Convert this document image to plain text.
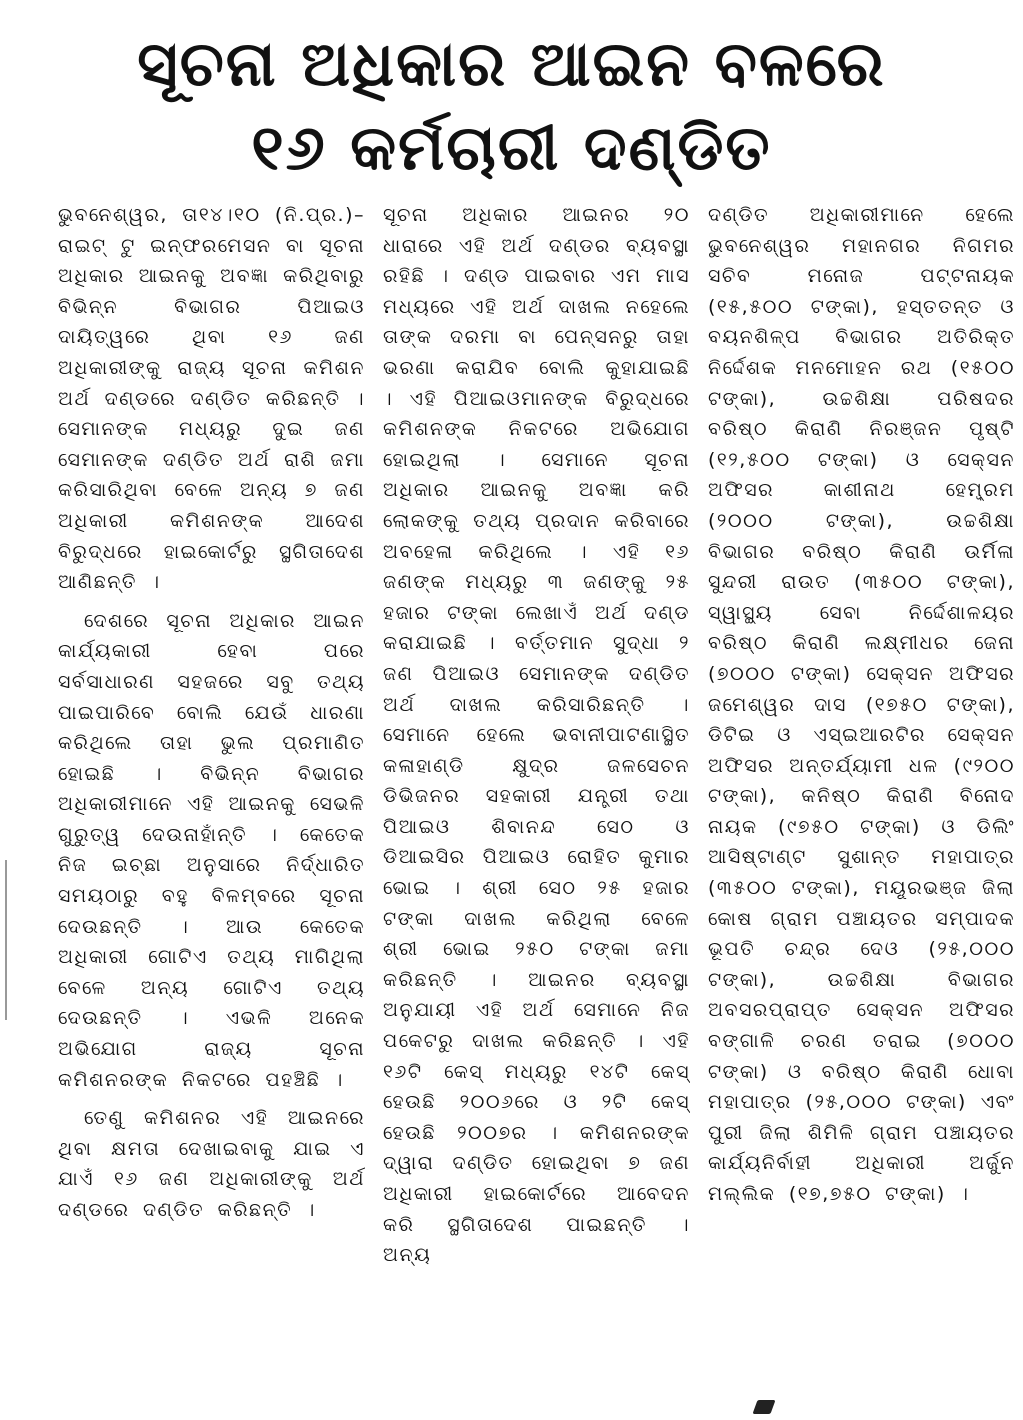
ସୂଚନା ଅଧିକାର ଆଇନ ବଳରେ
୧୬ କର୍ମଚାରୀ ଦଣ୍ଡିତ

ଭୁବନେଶ୍ୱର, ତା୧୪।୧୦ (ନି.ପ୍ର.)– ରାଇଟ୍ ଟୁ ଇନ୍‌ଫରମେସନ ବା ସୂଚନା ଅଧିକାର ଆଇନକୁ ଅବଜ୍ଞା କରିଥିବାରୁ ବିଭିନ୍ନ ବିଭାଗର ପିଆଇଓ ଦାୟିତ୍ୱରେ ଥିବା ୧୬ ଜଣ ଅଧିକାରୀଙ୍କୁ ରାଜ୍ୟ ସୂଚନା କମିଶନ ଅର୍ଥ ଦଣ୍ଡରେ ଦଣ୍ଡିତ କରିଛନ୍ତି । ସେମାନଙ୍କ ମଧ୍ୟରୁ ଦୁଇ ଜଣ ସେମାନଙ୍କ ଦଣ୍ଡିତ ଅର୍ଥ ରାଶି ଜମା କରିସାରିଥିବା ବେଳେ ଅନ୍ୟ ୭ ଜଣ ଅଧିକାରୀ କମିଶନଙ୍କ ଆଦେଶ ବିରୁଦ୍ଧରେ ହାଇକୋର୍ଟରୁ ସ୍ଥଗିତାଦେଶ ଆଣିଛନ୍ତି ।

ଦେଶରେ ସୂଚନା ଅଧିକାର ଆଇନ କାର୍ଯ୍ୟକାରୀ ହେବା ପରେ ସର୍ବସାଧାରଣ ସହଜରେ ସବୁ ତଥ୍ୟ ପାଇପାରିବେ ବୋଲି ଯେଉଁ ଧାରଣା କରିଥିଲେ ତାହା ଭୁଲ ପ୍ରମାଣିତ ହୋଇଛି । ବିଭିନ୍ନ ବିଭାଗର ଅଧିକାରୀମାନେ ଏହି ଆଇନକୁ ସେଭଳି ଗୁରୁତ୍ୱ ଦେଉନାହାଁନ୍ତି । କେତେକ ନିଜ ଇଚ୍ଛା ଅନୁସାରେ ନିର୍ଦ୍ଧାରିତ ସମୟଠାରୁ ବହୁ ବିଳମ୍ବରେ ସୂଚନା ଦେଉଛନ୍ତି । ଆଉ କେତେକ ଅଧିକାରୀ ଗୋଟିଏ ତଥ୍ୟ ମାଗିଥିଲା ବେଳେ ଅନ୍ୟ ଗୋଟିଏ ତଥ୍ୟ ଦେଉଛନ୍ତି । ଏଭଳି ଅନେକ ଅଭିଯୋଗ ରାଜ୍ୟ ସୂଚନା କମିଶନରଙ୍କ ନିକଟରେ ପହଞ୍ଚିଛି ।

ତେଣୁ କମିଶନର ଏହି ଆଇନରେ ଥିବା କ୍ଷମତା ଦେଖାଇବାକୁ ଯାଇ ଏ ଯାଏଁ ୧୬ ଜଣ ଅଧିକାରୀଙ୍କୁ ଅର୍ଥ ଦଣ୍ଡରେ ଦଣ୍ଡିତ କରିଛନ୍ତି ।

ସୂଚନା ଅଧିକାର ଆଇନର ୨୦ ଧାରାରେ ଏହି ଅର୍ଥ ଦଣ୍ଡର ବ୍ୟବସ୍ଥା ରହିଛି । ଦଣ୍ଡ ପାଇବାର ଏମ ମାସ ମଧ୍ୟରେ ଏହି ଅର୍ଥ ଦାଖଲ ନହେଲେ ତାଙ୍କ ଦରମା ବା ପେନ୍‌ସନରୁ ତାହା ଭରଣା କରାଯିବ ବୋଲି କୁହାଯାଇଛି । ଏହି ପିଆଇଓମାନଙ୍କ ବିରୁଦ୍ଧରେ କମିଶନଙ୍କ ନିକଟରେ ଅଭିଯୋଗ ହୋଇଥିଲା । ସେମାନେ ସୂଚନା ଅଧିକାର ଆଇନକୁ ଅବଜ୍ଞା କରି ଲୋକଙ୍କୁ ତଥ୍ୟ ପ୍ରଦାନ କରିବାରେ ଅବହେଳା କରିଥିଲେ । ଏହି ୧୬ ଜଣଙ୍କ ମଧ୍ୟରୁ ୩ ଜଣଙ୍କୁ ୨୫ ହଜାର ଟଙ୍କା ଲେଖାଏଁ ଅର୍ଥ ଦଣ୍ଡ କରାଯାଇଛି । ବର୍ତ୍ତମାନ ସୁଦ୍ଧା ୨ ଜଣ ପିଆଇଓ ସେମାନଙ୍କ ଦଣ୍ଡିତ ଅର୍ଥ ଦାଖଲ କରିସାରିଛନ୍ତି । ସେମାନେ ହେଲେ ଭବାନୀପାଟଣାସ୍ଥିତ କଳାହାଣ୍ଡି କ୍ଷୁଦ୍ର ଜଳସେଚନ ଡିଭିଜନର ସହକାରୀ ଯନ୍ତ୍ରୀ ତଥା ପିଆଇଓ ଶିବାନନ୍ଦ ସେଠ ଓ ଡିଆଇସିର ପିଆଇଓ ରୋହିତ କୁମାର ଭୋଇ । ଶ୍ରୀ ସେଠ ୨୫ ହଜାର ଟଙ୍କା ଦାଖଲ କରିଥିଲା ବେଳେ ଶ୍ରୀ ଭୋଇ ୨୫୦ ଟଙ୍କା ଜମା କରିଛନ୍ତି । ଆଇନର ବ୍ୟବସ୍ଥା ଅନୁଯାୟୀ ଏହି ଅର୍ଥ ସେମାନେ ନିଜ ପକେଟରୁ ଦାଖଲ କରିଛନ୍ତି । ଏହି ୧୬ଟି କେସ୍ ମଧ୍ୟରୁ ୧୪ଟି କେସ୍ ହେଉଛି ୨୦୦୬ରେ ଓ ୨ଟି କେସ୍ ହେଉଛି ୨୦୦୭ର । କମିଶନରଙ୍କ ଦ୍ୱାରା ଦଣ୍ଡିତ ହୋଇଥିବା ୭ ଜଣ ଅଧିକାରୀ ହାଇକୋର୍ଟରେ ଆବେଦନ କରି ସ୍ଥଗିତାଦେଶ ପାଇଛନ୍ତି । ଅନ୍ୟ

ଦଣ୍ଡିତ ଅଧିକାରୀମାନେ ହେଲେ ଭୁବନେଶ୍ୱର ମହାନଗର ନିଗମର ସଚିବ ମନୋଜ ପଟ୍ଟନାୟକ (୧୫,୫୦୦ ଟଙ୍କା), ହସ୍ତତନ୍ତ ଓ ବୟନଶିଳ୍ପ ବିଭାଗର ଅତିରିକ୍ତ ନିର୍ଦ୍ଦେଶକ ମନମୋହନ ରଥ (୧୫୦୦ ଟଙ୍କା), ଉଚ୍ଚଶିକ୍ଷା ପରିଷଦର ବରିଷ୍ଠ କିରାଣି ନିରଞ୍ଜନ ପୃଷ୍ଟି (୧୨,୫୦୦ ଟଙ୍କା) ଓ ସେକ୍ସନ ଅଫିସର କାଶୀନାଥ ହେମ୍ବ୍ରମ (୨୦୦୦ ଟଙ୍କା), ଉଚ୍ଚଶିକ୍ଷା ବିଭାଗର ବରିଷ୍ଠ କିରାଣି ଉର୍ମିଳା ସୁନ୍ଦରୀ ରାଉତ (୩୫୦୦ ଟଙ୍କା), ସ୍ୱାସ୍ଥ୍ୟ ସେବା ନିର୍ଦ୍ଦେଶାଳୟର ବରିଷ୍ଠ କିରାଣି ଲକ୍ଷ୍ମୀଧର ଜେନା (୭୦୦୦ ଟଙ୍କା) ସେକ୍ସନ ଅଫିସର ଜମେଶ୍ୱର ଦାସ (୧୭୫୦ ଟଙ୍କା), ଡିଟିଇ ଓ ଏସ୍‌ଇଆରଟିର ସେକ୍ସନ ଅଫିସର ଅନ୍ତର୍ଯ୍ୟାମୀ ଧଳ (୯୨୦୦ ଟଙ୍କା), କନିଷ୍ଠ କିରାଣି ବିନୋଦ ନାୟକ (୯୭୫୦ ଟଙ୍କା) ଓ ଡିଲିଂ ଆସିଷ୍ଟାଣ୍ଟ ସୁଶାନ୍ତ ମହାପାତ୍ର (୩୫୦୦ ଟଙ୍କା), ମୟୂରଭଞ୍ଜ ଜିଲା କୋଷ ଗ୍ରାମ ପଞ୍ଚାୟତର ସମ୍ପାଦକ ଭୂପତି ଚନ୍ଦ୍ର ଦେଓ (୨୫,୦୦୦ ଟଙ୍କା), ଉଚ୍ଚଶିକ୍ଷା ବିଭାଗର ଅବସରପ୍ରାପ୍ତ ସେକ୍ସନ ଅଫିସର ବଙ୍ଗାଳି ଚରଣ ତରାଇ (୭୦୦୦ ଟଙ୍କା) ଓ ବରିଷ୍ଠ କିରାଣି ଧୋବା ମହାପାତ୍ର (୨୫,୦୦୦ ଟଙ୍କା) ଏବଂ ପୁରୀ ଜିଲା ଶିମିଳି ଗ୍ରାମ ପଞ୍ଚାୟତର କାର୍ଯ୍ୟନିର୍ବାହୀ ଅଧିକାରୀ ଅର୍ଜୁନ ମଲ୍ଲିକ (୧୭,୭୫୦ ଟଙ୍କା) ।
